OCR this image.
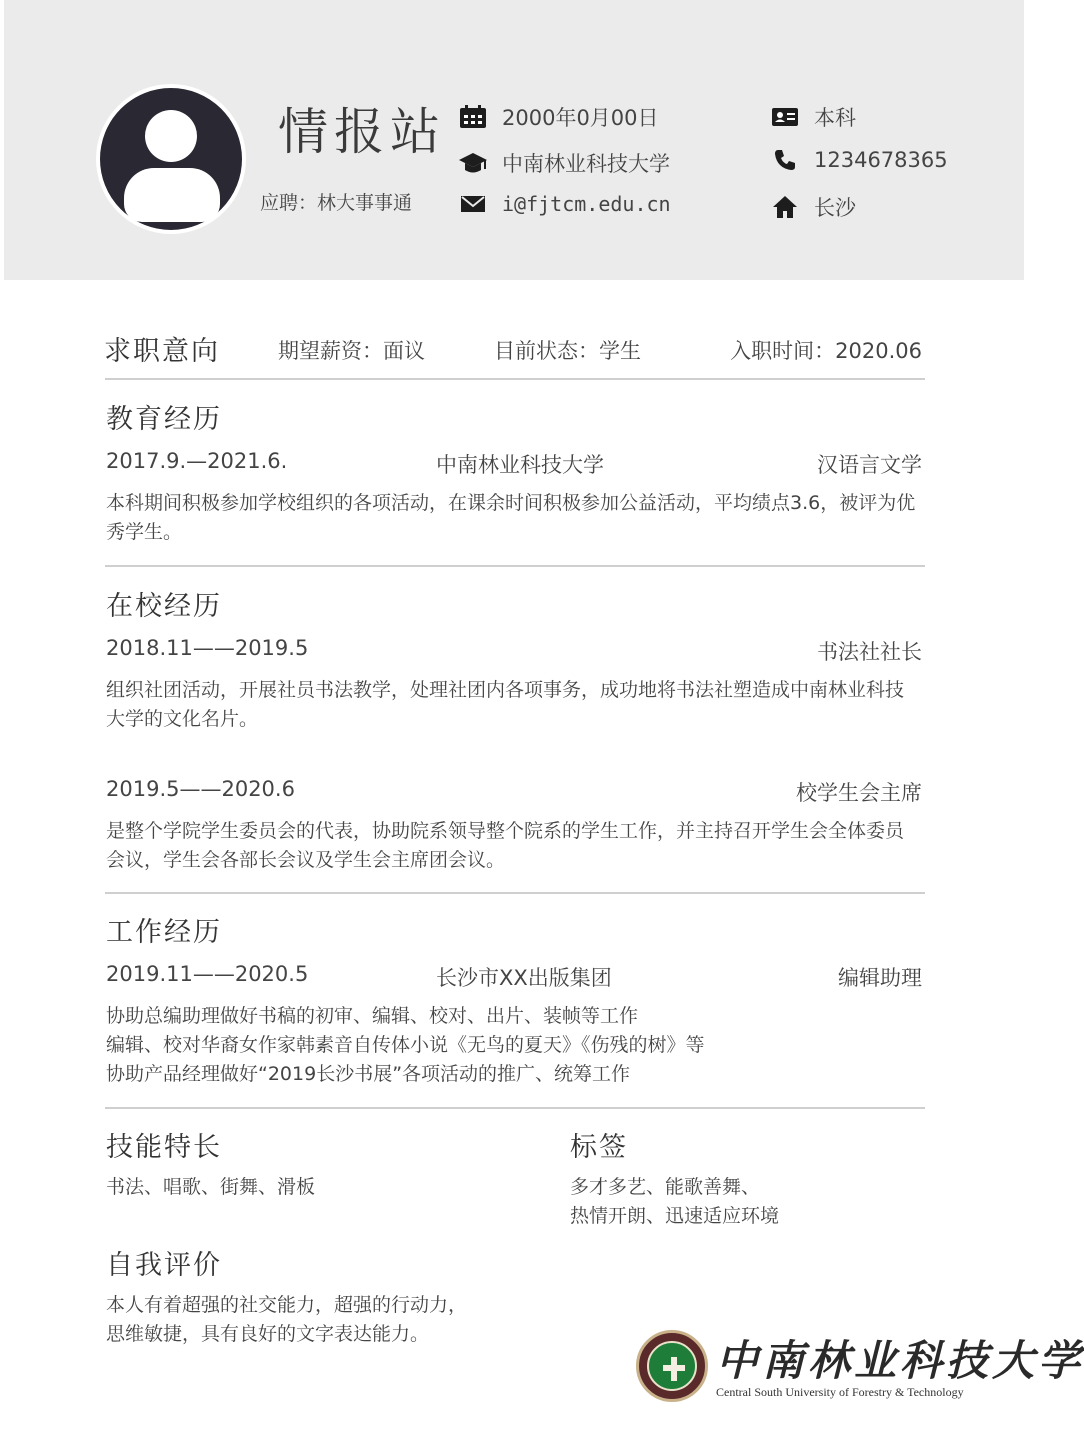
情报站
应聘：林大事事通
2000年0月00日
中南林业科技大学
i@fjtcm.edu.cn
本科
1234678365
长沙
求职意向	期望薪资：面议	目前状态：学生	入职时间：2020.06
教育经历
2017.9.—2021.6.	中南林业科技大学	汉语言文学
本科期间积极参加学校组织的各项活动，在课余时间积极参加公益活动，平均绩点3.6，被评为优秀学生。
在校经历
2018.11——2019.5	书法社社长
组织社团活动，开展社员书法教学，处理社团内各项事务，成功地将书法社塑造成中南林业科技大学的文化名片。
2019.5——2020.6	校学生会主席
是整个学院学生委员会的代表，协助院系领导整个院系的学生工作，并主持召开学生会全体委员会议，学生会各部长会议及学生会主席团会议。
工作经历
2019.11——2020.5	长沙市XX出版集团	编辑助理
协助总编助理做好书稿的初审、编辑、校对、出片、装帧等工作
编辑、校对华裔女作家韩素音自传体小说《无鸟的夏天》《伤残的树》等
协助产品经理做好“2019长沙书展”各项活动的推广、统筹工作
技能特长
书法、唱歌、街舞、滑板
标签
多才多艺、能歌善舞、
热情开朗、迅速适应环境
自我评价
本人有着超强的社交能力，超强的行动力，
思维敏捷，具有良好的文字表达能力。
中南林业科技大学
Central South University of Forestry & Technology
